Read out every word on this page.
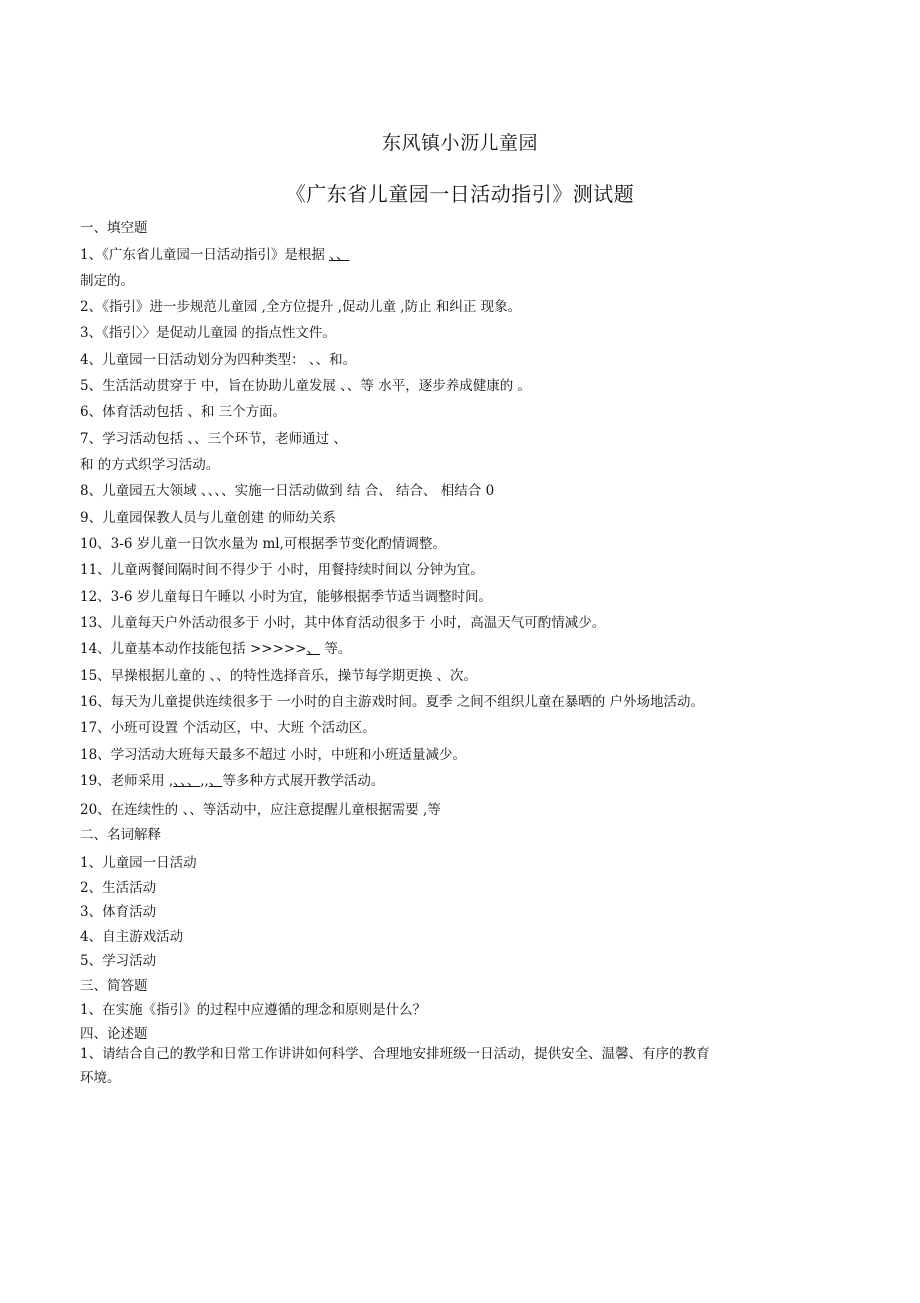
东风镇小沥儿童园
《广东省儿童园一日活动指引》测试题
一、填空题
1、《广东省儿童园一日活动指引》是根据 、、
制定的。
2、《指引》进一步规范儿童园 ,全方位提升 ,促动儿童 ,防止 和纠正 现象。
3、《指引〉〉是促动儿童园 的指点性文件。
4、儿童园一日活动划分为四种类型： 、、和。
5、生活活动贯穿于 中，旨在协助儿童发展 、、等 水平，逐步养成健康的 。
6、体育活动包括 、和 三个方面。
7、学习活动包括 、、三个环节，老师通过 、
和 的方式织学习活动。
8、儿童园五大领域 、、、、实施一日活动做到 结 合、 结合、 相结合 0
9、儿童园保教人员与儿童创建 的师幼关系
10、3-6 岁儿童一日饮水量为 ml,可根据季节变化酌情调整。
11、儿童两餐间隔时间不得少于 小时，用餐持续时间以 分钟为宜。
12、3-6 岁儿童每日午睡以 小时为宜，能够根据季节适当调整时间。
13、儿童每天户外活动很多于 小时，其中体育活动很多于 小时，高温天气可酌情减少。
14、儿童基本动作技能包括 >>>>>、 等。
15、早操根据儿童的 、、的特性选择音乐，操节每学期更换 、次。
16、每天为儿童提供连续很多于 一小时的自主游戏时间。夏季 之间不组织儿童在暴晒的 户外场地活动。
17、小班可设置 个活动区，中、大班 个活动区。
18、学习活动大班每天最多不超过 小时，中班和小班适量减少。
19、老师采用 ,、、、,,、等多种方式展开教学活动。
20、在连续性的 、、等活动中，应注意提醒儿童根据需要 ,等
二、名词解释
1、儿童园一日活动
2、生活活动
3、体育活动
4、自主游戏活动
5、学习活动
三、简答题
1、在实施《指引》的过程中应遵循的理念和原则是什么？
四、论述题
1、请结合自己的教学和日常工作讲讲如何科学、合理地安排班级一日活动，提供安全、温馨、有序的教育
环境。
